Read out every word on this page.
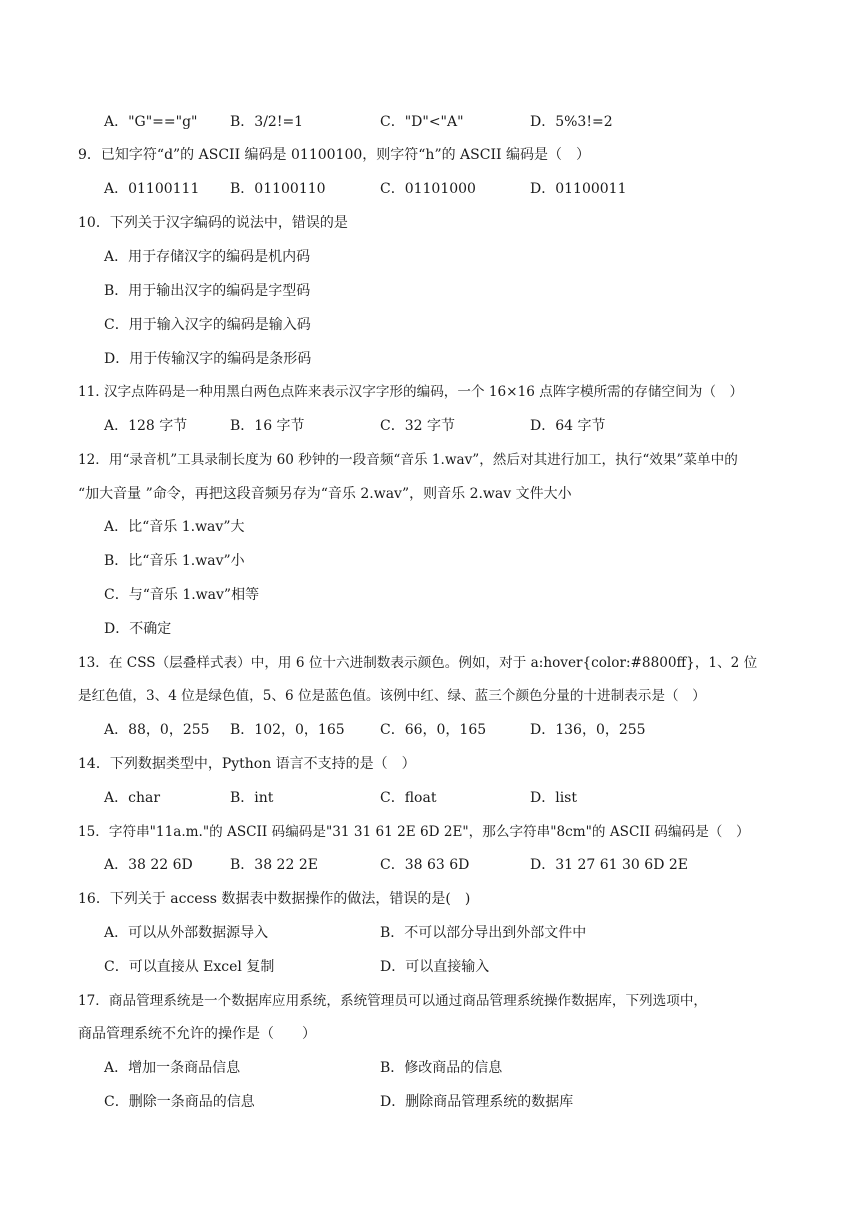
A．"G"=="g" B．3/2!=1	C．"D"<"A"	D．5%3!=2
9．已知字符“d”的 ASCII 编码是 01100100，则字符“h”的 ASCII 编码是（　）
A．01100111 B．01100110	C．01101000	D．01100011
10．下列关于汉字编码的说法中，错误的是
A．用于存储汉字的编码是机内码
B．用于输出汉字的编码是字型码
C．用于输入汉字的编码是输入码
D．用于传输汉字的编码是条形码
11. 汉字点阵码是一种用黑白两色点阵来表示汉字字形的编码，一个 16×16 点阵字模所需的存储空间为（　）
A．128 字节	B．16 字节	C．32 字节	D．64 字节
12．用“录音机”工具录制长度为 60 秒钟的一段音频“音乐 1.wav”，然后对其进行加工，执行“效果”菜单中的
“加大音量 ”命令，再把这段音频另存为“音乐 2.wav”，则音乐 2.wav 文件大小
A．比“音乐 1.wav”大
B．比“音乐 1.wav”小
C．与“音乐 1.wav”相等
D．不确定
13．在 CSS（层叠样式表）中，用 6 位十六进制数表示颜色。例如，对于 a:hover{color:#8800ff}，1、2 位
是红色值，3、4 位是绿色值，5、6 位是蓝色值。该例中红、绿、蓝三个颜色分量的十进制表示是（　）
A．88，0，255 B．102，0，165	C．66，0，165	D．136，0，255
14．下列数据类型中，Python 语言不支持的是（　）
A．char	B．int	C．float	D．list
15．字符串"11a.m."的 ASCII 码编码是"31 31 61 2E 6D 2E"，那么字符串"8cm"的 ASCII 码编码是（　）
A．38 22 6D	B．38 22 2E	C．38 63 6D	D．31 27 61 30 6D 2E
16．下列关于 access 数据表中数据操作的做法，错误的是(　)
A．可以从外部数据源导入	B．不可以部分导出到外部文件中
C．可以直接从 Excel 复制	D．可以直接输入
17．商品管理系统是一个数据库应用系统，系统管理员可以通过商品管理系统操作数据库，下列选项中，
商品管理系统不允许的操作是（　　）
A．增加一条商品信息	B．修改商品的信息
C．删除一条商品的信息	D．删除商品管理系统的数据库
